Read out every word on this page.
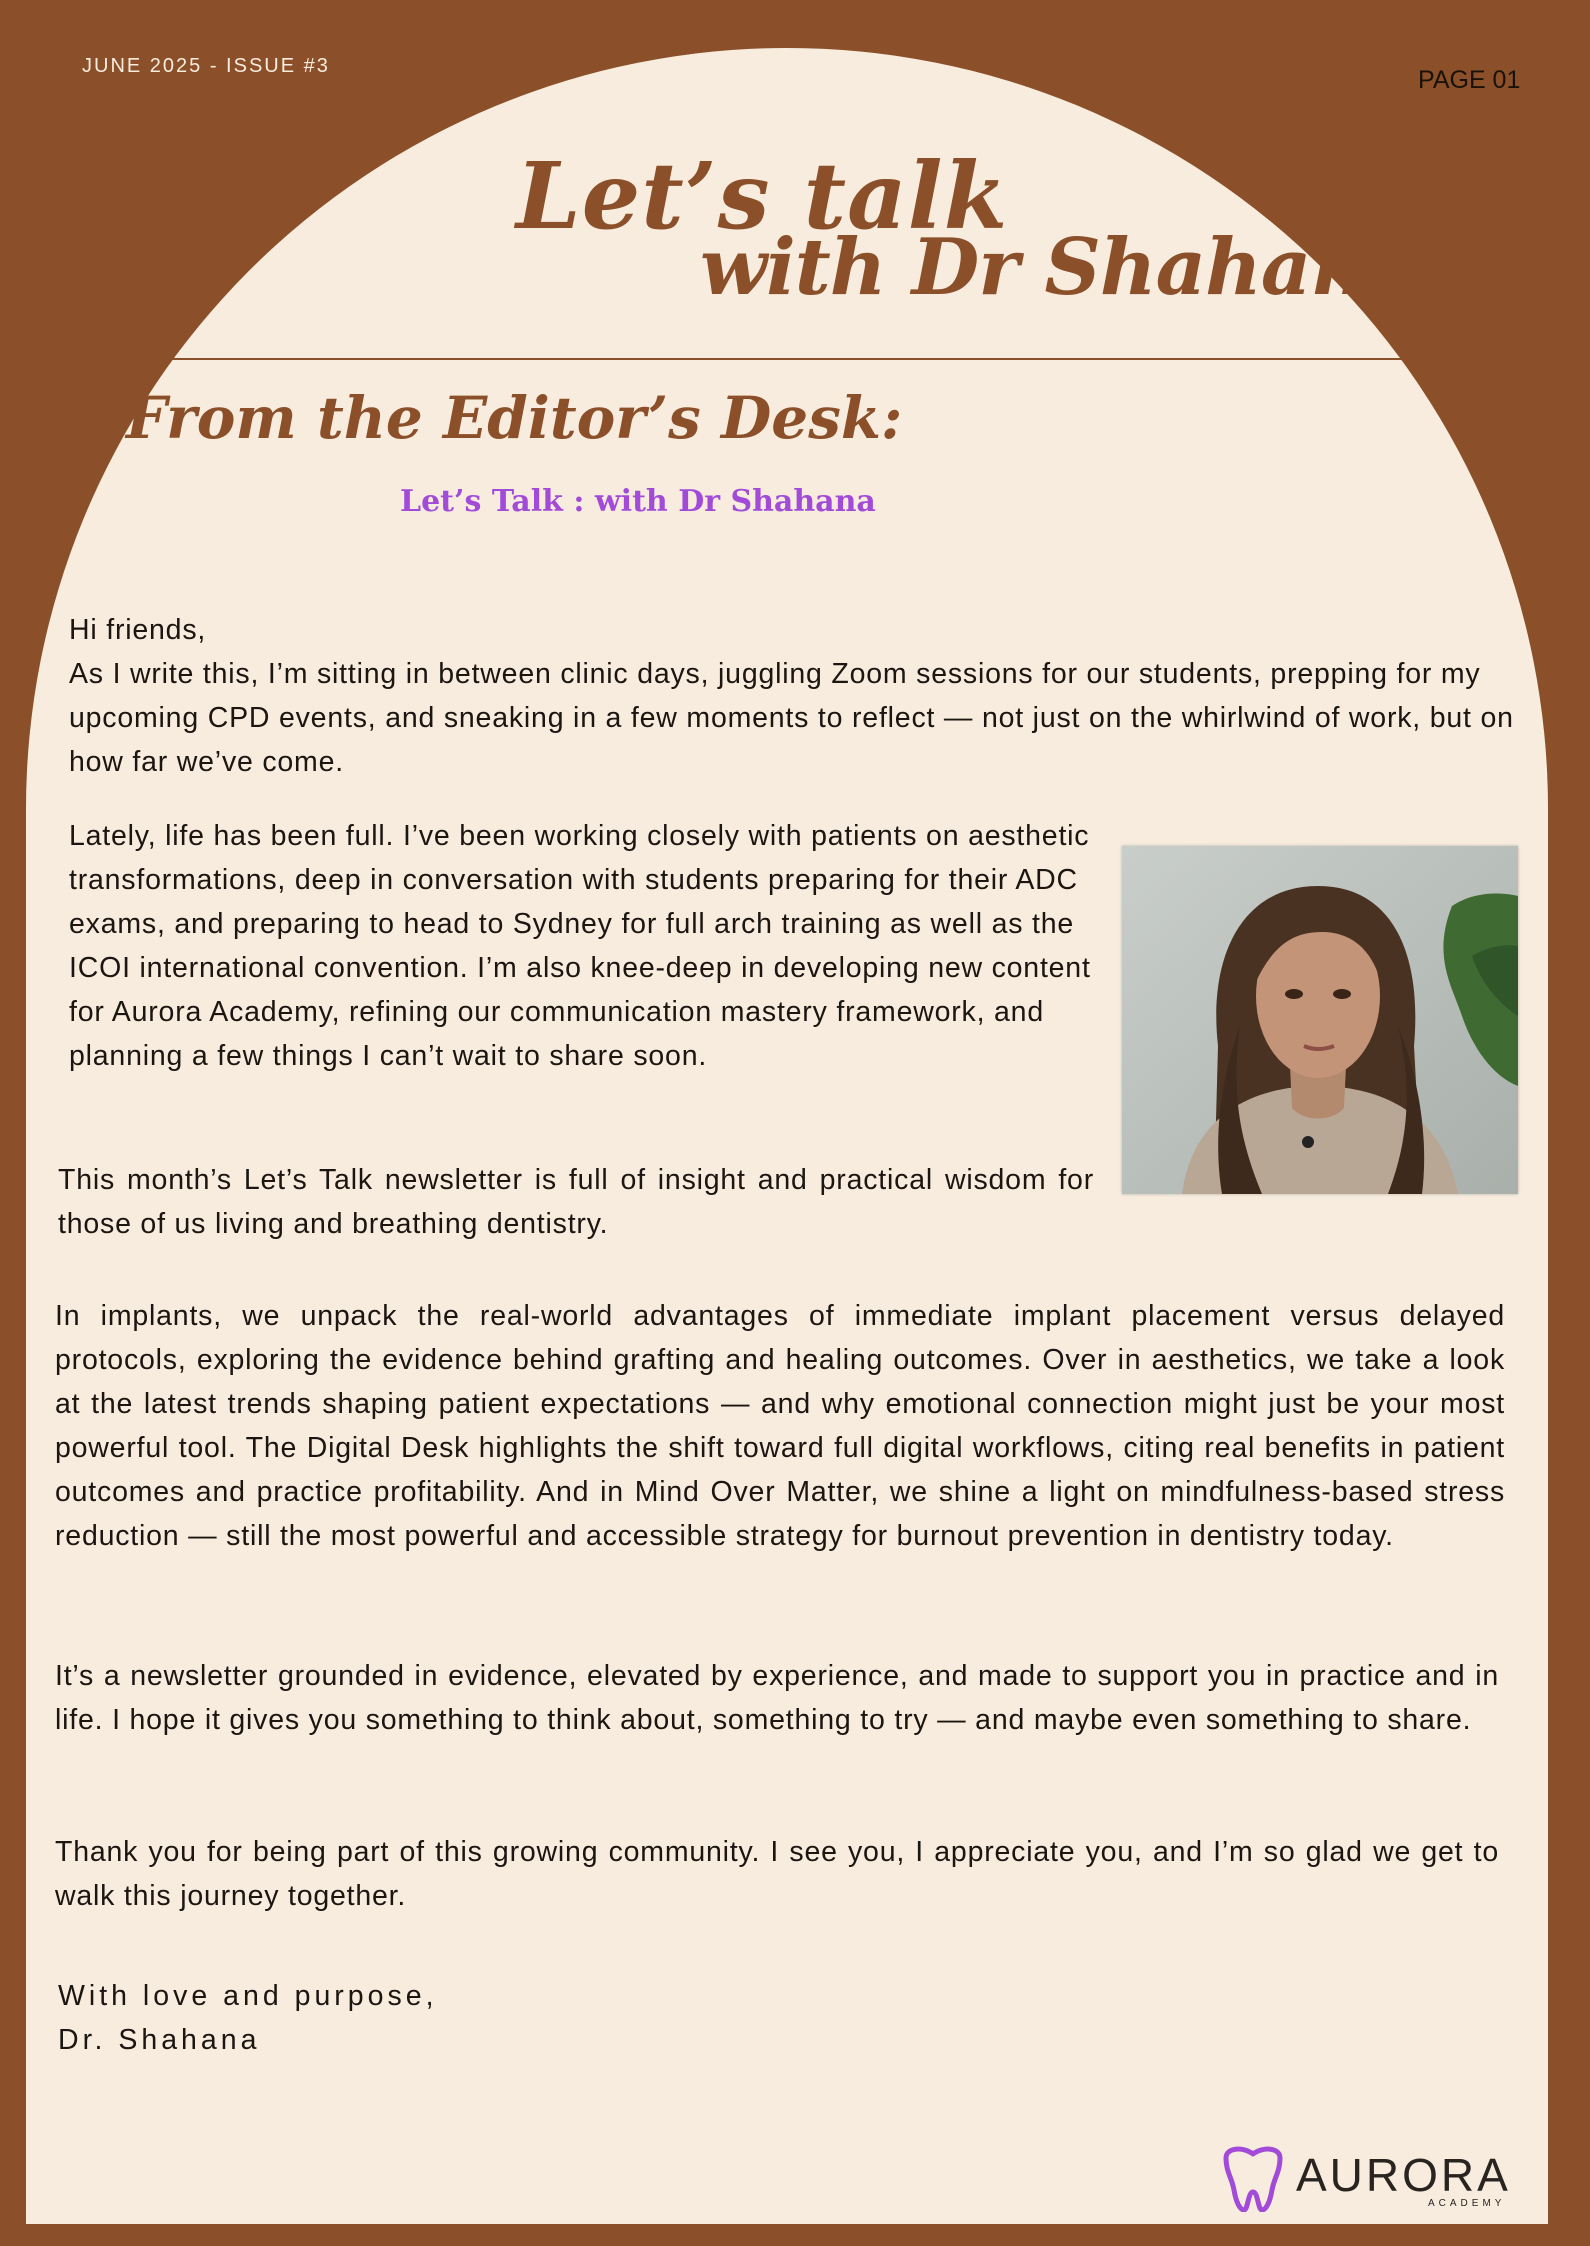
JUNE 2025 - ISSUE #3	PAGE 01
Let’s talk
with Dr Shahana
From the Editor’s Desk:
Let’s Talk : with Dr Shahana
Hi friends,
As I write this, I’m sitting in between clinic days, juggling Zoom sessions for our students, prepping for my upcoming CPD events, and sneaking in a few moments to reflect — not just on the whirlwind of work, but on how far we’ve come.

Lately, life has been full. I’ve been working closely with patients on aesthetic transformations, deep in conversation with students preparing for their ADC exams, and preparing to head to Sydney for full arch training as well as the ICOI international convention. I’m also knee-deep in developing new content for Aurora Academy, refining our communication mastery framework, and planning a few things I can’t wait to share soon.

This month’s Let’s Talk newsletter is full of insight and practical wisdom for those of us living and breathing dentistry.

In implants, we unpack the real-world advantages of immediate implant placement versus delayed protocols, exploring the evidence behind grafting and healing outcomes. Over in aesthetics, we take a look at the latest trends shaping patient expectations — and why emotional connection might just be your most powerful tool. The Digital Desk highlights the shift toward full digital workflows, citing real benefits in patient outcomes and practice profitability. And in Mind Over Matter, we shine a light on mindfulness-based stress reduction — still the most powerful and accessible strategy for burnout prevention in dentistry today.

It’s a newsletter grounded in evidence, elevated by experience, and made to support you in practice and in life. I hope it gives you something to think about, something to try — and maybe even something to share.

Thank you for being part of this growing community. I see you, I appreciate you, and I’m so glad we get to walk this journey together.

With love and purpose,
Dr. Shahana
AURORA
ACADEMY
